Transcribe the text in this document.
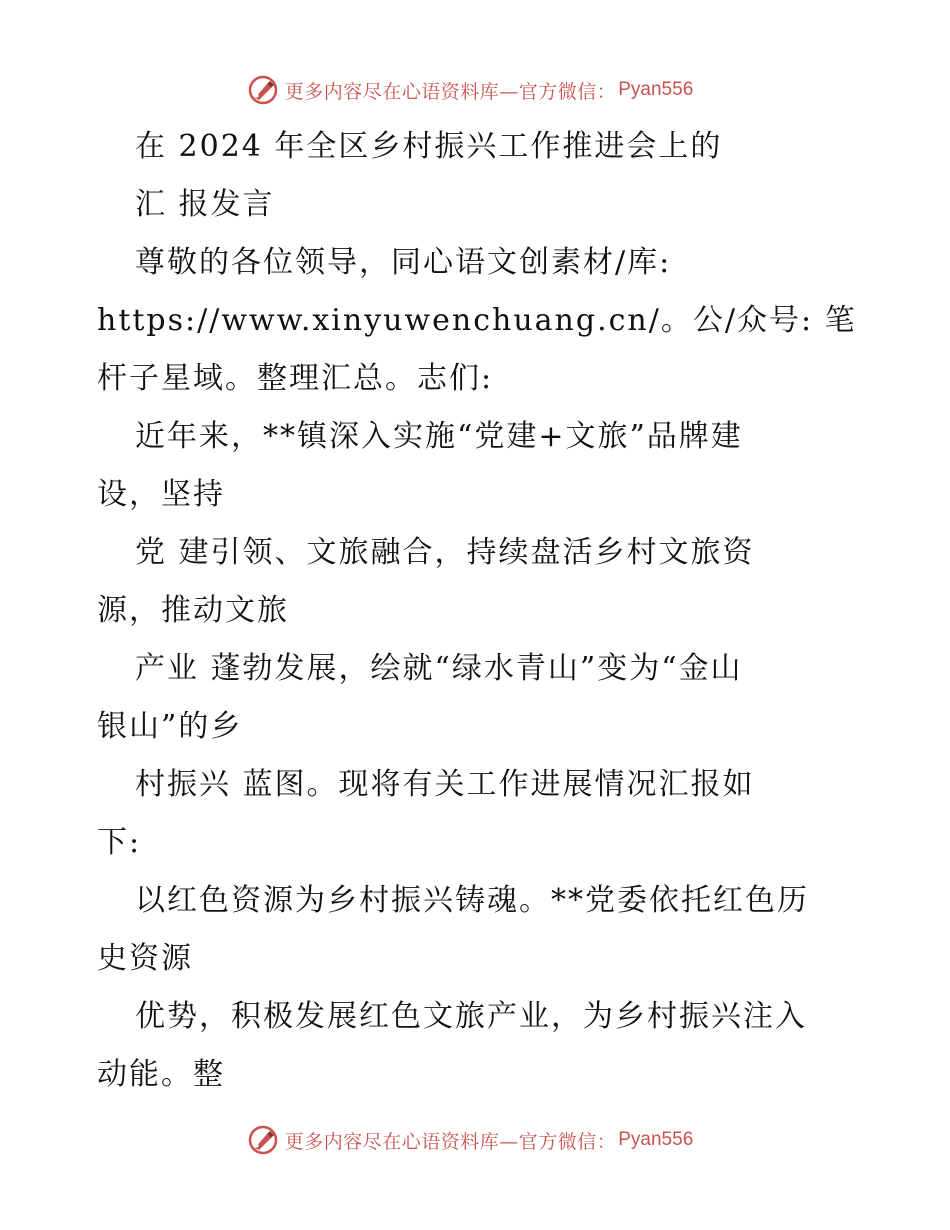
更多内容尽在心语资料库—官方微信： Pyan556
在 2024 年全区乡村振兴工作推进会上的
汇 报发言
尊敬的各位领导，同心语文创素材/库:
https://www.xinyuwenchuang.cn/。公/众号: 笔
杆子星域。整理汇总。志们:
近年来，**镇深入实施“党建+文旅”品牌建
设，坚持
党 建引领、文旅融合，持续盘活乡村文旅资
源，推动文旅
产业 蓬勃发展，绘就“绿水青山”变为“金山
银山”的乡
村振兴 蓝图。现将有关工作进展情况汇报如
下:
以红色资源为乡村振兴铸魂。**党委依托红色历
史资源
优势，积极发展红色文旅产业，为乡村振兴注入
动能。整
更多内容尽在心语资料库—官方微信： Pyan556
